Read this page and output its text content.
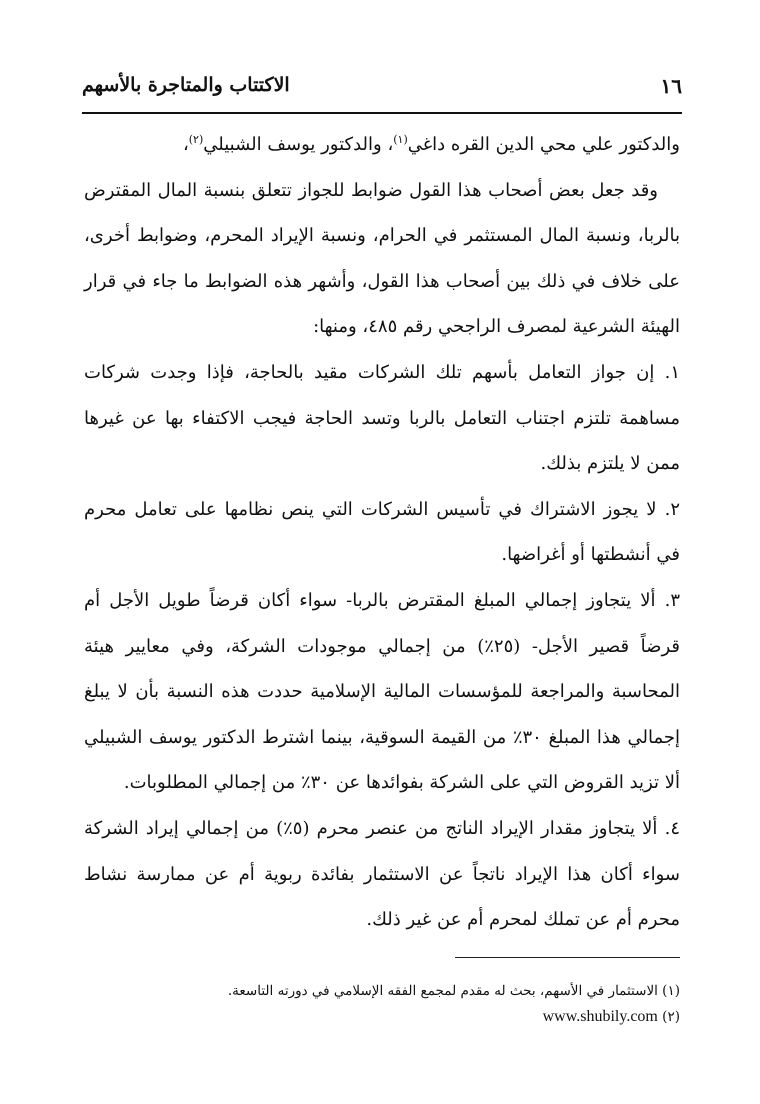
١٦
الاكتتاب والمتاجرة بالأسهم

والدكتور علي محي الدين القره داغي$^{(١)}$، والدكتور يوسف الشبيلي$^{(٢)}$،

وقد جعل بعض أصحاب هذا القول ضوابط للجواز تتعلق بنسبة المال المقترض بالربا، ونسبة المال المستثمر في الحرام، ونسبة الإيراد المحرم، وضوابط أخرى، على خلاف في ذلك بين أصحاب هذا القول، وأشهر هذه الضوابط ما جاء في قرار الهيئة الشرعية لمصرف الراجحي رقم ٤٨٥، ومنها:

١. إن جواز التعامل بأسهم تلك الشركات مقيد بالحاجة، فإذا وجدت شركات مساهمة تلتزم اجتناب التعامل بالربا وتسد الحاجة فيجب الاكتفاء بها عن غيرها ممن لا يلتزم بذلك.

٢. لا يجوز الاشتراك في تأسيس الشركات التي ينص نظامها على تعامل محرم في أنشطتها أو أغراضها.

٣. ألا يتجاوز إجمالي المبلغ المقترض بالربا- سواء أكان قرضاً طويل الأجل أم قرضاً قصير الأجل- (٢٥٪) من إجمالي موجودات الشركة، وفي معايير هيئة المحاسبة والمراجعة للمؤسسات المالية الإسلامية حددت هذه النسبة بأن لا يبلغ إجمالي هذا المبلغ ٣٠٪ من القيمة السوقية، بينما اشترط الدكتور يوسف الشبيلي ألا تزيد القروض التي على الشركة بفوائدها عن ٣٠٪ من إجمالي المطلوبات.

٤. ألا يتجاوز مقدار الإيراد الناتج من عنصر محرم (٥٪) من إجمالي إيراد الشركة سواء أكان هذا الإيراد ناتجاً عن الاستثمار بفائدة ربوية أم عن ممارسة نشاط محرم أم عن تملك لمحرم أم عن غير ذلك.

(١) الاستثمار في الأسهم، بحث له مقدم لمجمع الفقه الإسلامي في دورته التاسعة.

(٢) www.shubily.com
